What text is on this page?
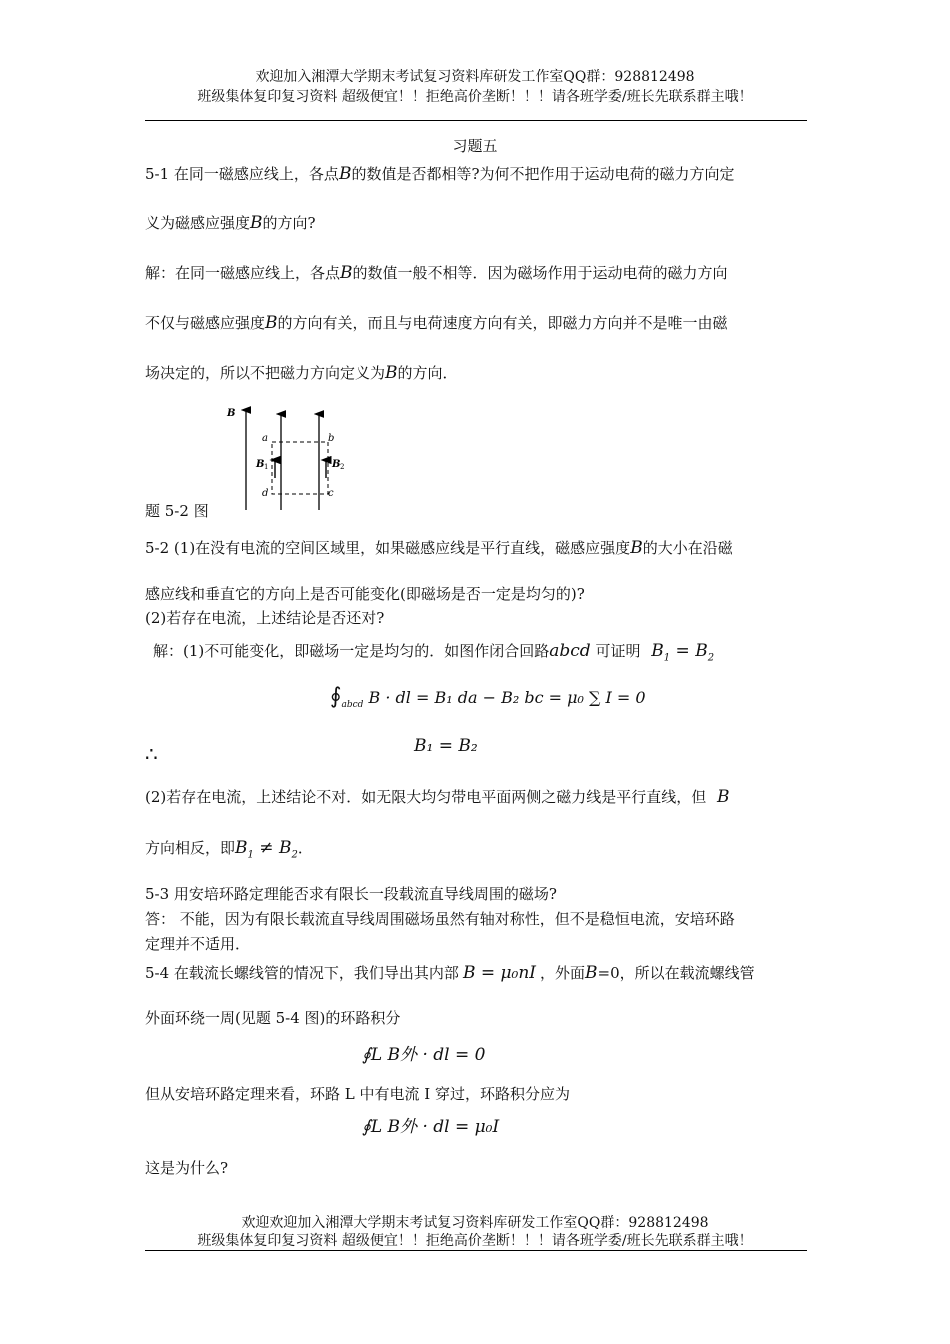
欢迎加入湘潭大学期末考试复习资料库研发工作室QQ群：928812498
班级集体复印复习资料 超级便宜！！拒绝高价垄断！！！请各班学委/班长先联系群主哦！
习题五
5-1 在同一磁感应线上，各点B的数值是否都相等?为何不把作用于运动电荷的磁力方向定
义为磁感应强度B的方向?
解：在同一磁感应线上，各点B的数值一般不相等．因为磁场作用于运动电荷的磁力方向
不仅与磁感应强度B的方向有关，而且与电荷速度方向有关，即磁力方向并不是唯一由磁
场决定的，所以不把磁力方向定义为B的方向．
B
a	b
c
d
B 1	B 2
题 5-2 图
5-2 (1)在没有电流的空间区域里，如果磁感应线是平行直线，磁感应强度B的大小在沿磁
感应线和垂直它的方向上是否可能变化(即磁场是否一定是均匀的)?
(2)若存在电流，上述结论是否还对?
解：(1)不可能变化，即磁场一定是均匀的．如图作闭合回路abcd 可证明 $B_1 = B_2$
$∮_{abcd}$ B · dl = B₁ da − B₂ bc = μ₀ ∑ I = 0
∴	B₁ = B₂
(2)若存在电流，上述结论不对．如无限大均匀带电平面两侧之磁力线是平行直线，但 B
方向相反，即$B_1 \ne B_2$．
5-3 用安培环路定理能否求有限长一段载流直导线周围的磁场?
答： 不能，因为有限长载流直导线周围磁场虽然有轴对称性，但不是稳恒电流，安培环路
定理并不适用．
5-4 在载流长螺线管的情况下，我们导出其内部 B = μ₀nI ，外面B=0，所以在载流螺线管
外面环绕一周(见题 5-4 图)的环路积分
∮L B外 · dl = 0
但从安培环路定理来看，环路 L 中有电流 I 穿过，环路积分应为
∮L B外 · dl = μ₀I
这是为什么?
欢迎欢迎加入湘潭大学期末考试复习资料库研发工作室QQ群：928812498
班级集体复印复习资料 超级便宜！！拒绝高价垄断！！！请各班学委/班长先联系群主哦！
